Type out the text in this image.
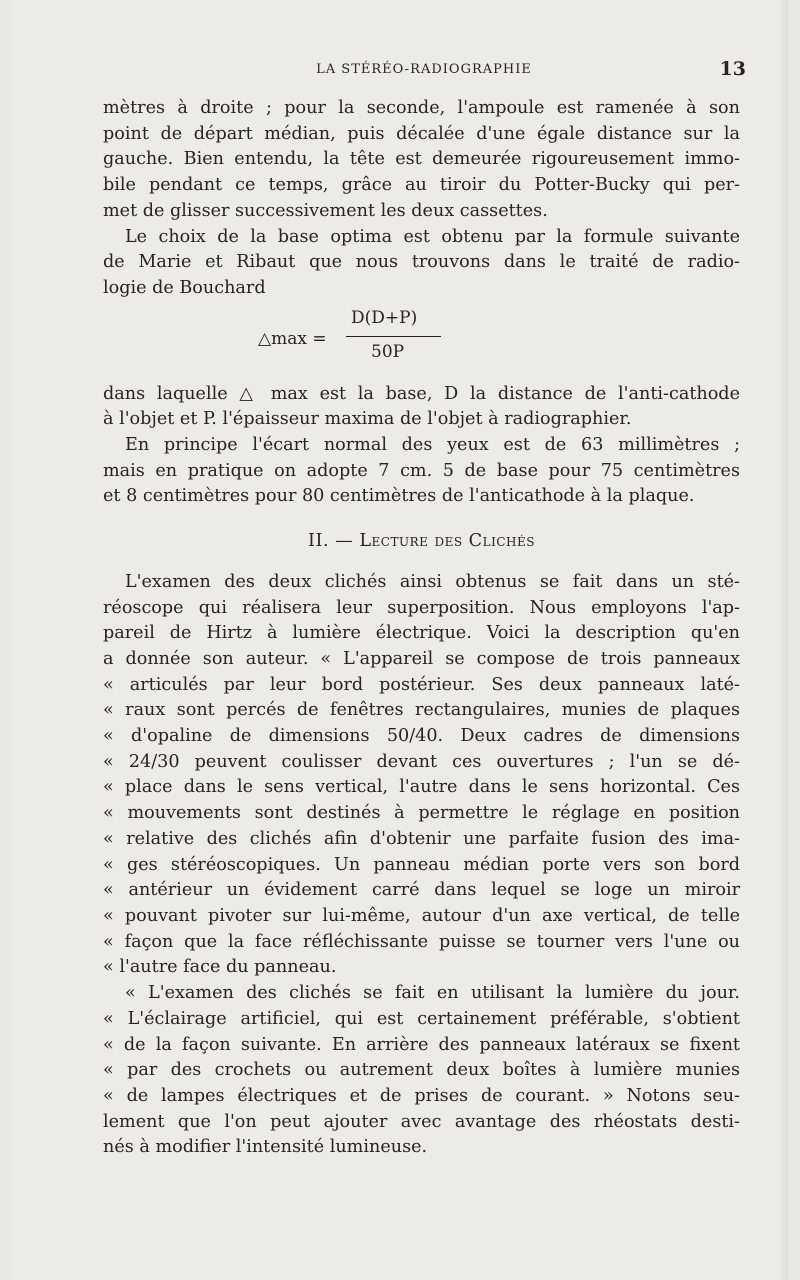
LA STÉRÉO-RADIOGRAPHIE	13

mètres à droite ; pour la seconde, l'ampoule est ramenée à son

point de départ médian, puis décalée d'une égale distance sur la

gauche. Bien entendu, la tête est demeurée rigoureusement immo-

bile pendant ce temps, grâce au tiroir du Potter-Bucky qui per-

met de glisser successivement les deux cassettes.

Le choix de la base optima est obtenu par la formule suivante

de Marie et Ribaut que nous trouvons dans le traité de radio-

logie de Bouchard

△max =
D(D+P)
50P

dans laquelle △ max est la base, D la distance de l'anti-cathode

à l'objet et P. l'épaisseur maxima de l'objet à radiographier.

En principe l'écart normal des yeux est de 63 millimètres ;

mais en pratique on adopte 7 cm. 5 de base pour 75 centimètres

et 8 centimètres pour 80 centimètres de l'anticathode à la plaque.

II. — Lecture des Clichés

L'examen des deux clichés ainsi obtenus se fait dans un sté-

réoscope qui réalisera leur superposition. Nous employons l'ap-

pareil de Hirtz à lumière électrique. Voici la description qu'en

a donnée son auteur. « L'appareil se compose de trois panneaux

« articulés par leur bord postérieur. Ses deux panneaux laté-

« raux sont percés de fenêtres rectangulaires, munies de plaques

« d'opaline de dimensions 50/40. Deux cadres de dimensions

« 24/30 peuvent coulisser devant ces ouvertures ; l'un se dé-

« place dans le sens vertical, l'autre dans le sens horizontal. Ces

« mouvements sont destinés à permettre le réglage en position

« relative des clichés afin d'obtenir une parfaite fusion des ima-

« ges stéréoscopiques. Un panneau médian porte vers son bord

« antérieur un évidement carré dans lequel se loge un miroir

« pouvant pivoter sur lui-même, autour d'un axe vertical, de telle

« façon que la face réfléchissante puisse se tourner vers l'une ou

« l'autre face du panneau.

« L'examen des clichés se fait en utilisant la lumière du jour.

« L'éclairage artificiel, qui est certainement préférable, s'obtient

« de la façon suivante. En arrière des panneaux latéraux se fixent

« par des crochets ou autrement deux boîtes à lumière munies

« de lampes électriques et de prises de courant. » Notons seu-

lement que l'on peut ajouter avec avantage des rhéostats desti-

nés à modifier l'intensité lumineuse.
